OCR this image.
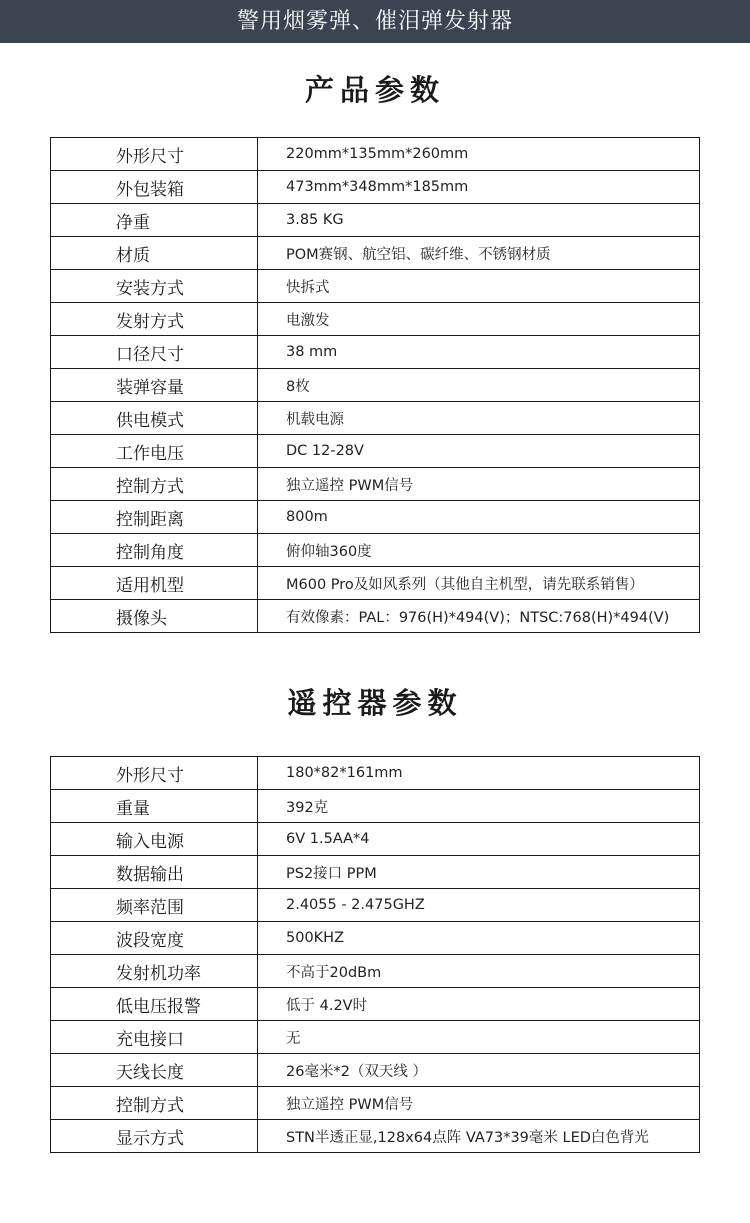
警用烟雾弹、催泪弹发射器
产品参数
外形尺寸	220mm*135mm*260mm
外包装箱	473mm*348mm*185mm
净重	3.85 KG
材质	POM赛钢、航空铝、碳纤维、不锈钢材质
安装方式	快拆式
发射方式	电激发
口径尺寸	38 mm
装弹容量	8枚
供电模式	机载电源
工作电压	DC 12-28V
控制方式	独立遥控 PWM信号
控制距离	800m
控制角度	俯仰轴360度
适用机型	M600 Pro及如风系列（其他自主机型，请先联系销售）
摄像头	有效像素：PAL：976(H)*494(V)；NTSC:768(H)*494(V)
遥控器参数
外形尺寸	180*82*161mm
重量	392克
输入电源	6V 1.5AA*4
数据输出	PS2接口 PPM
频率范围	2.4055 - 2.475GHZ
波段宽度	500KHZ
发射机功率	不高于20dBm
低电压报警	低于 4.2V时
充电接口	无
天线长度	26毫米*2（双天线 ）
控制方式	独立遥控 PWM信号
显示方式	STN半透正显,128x64点阵 VA73*39毫米 LED白色背光
